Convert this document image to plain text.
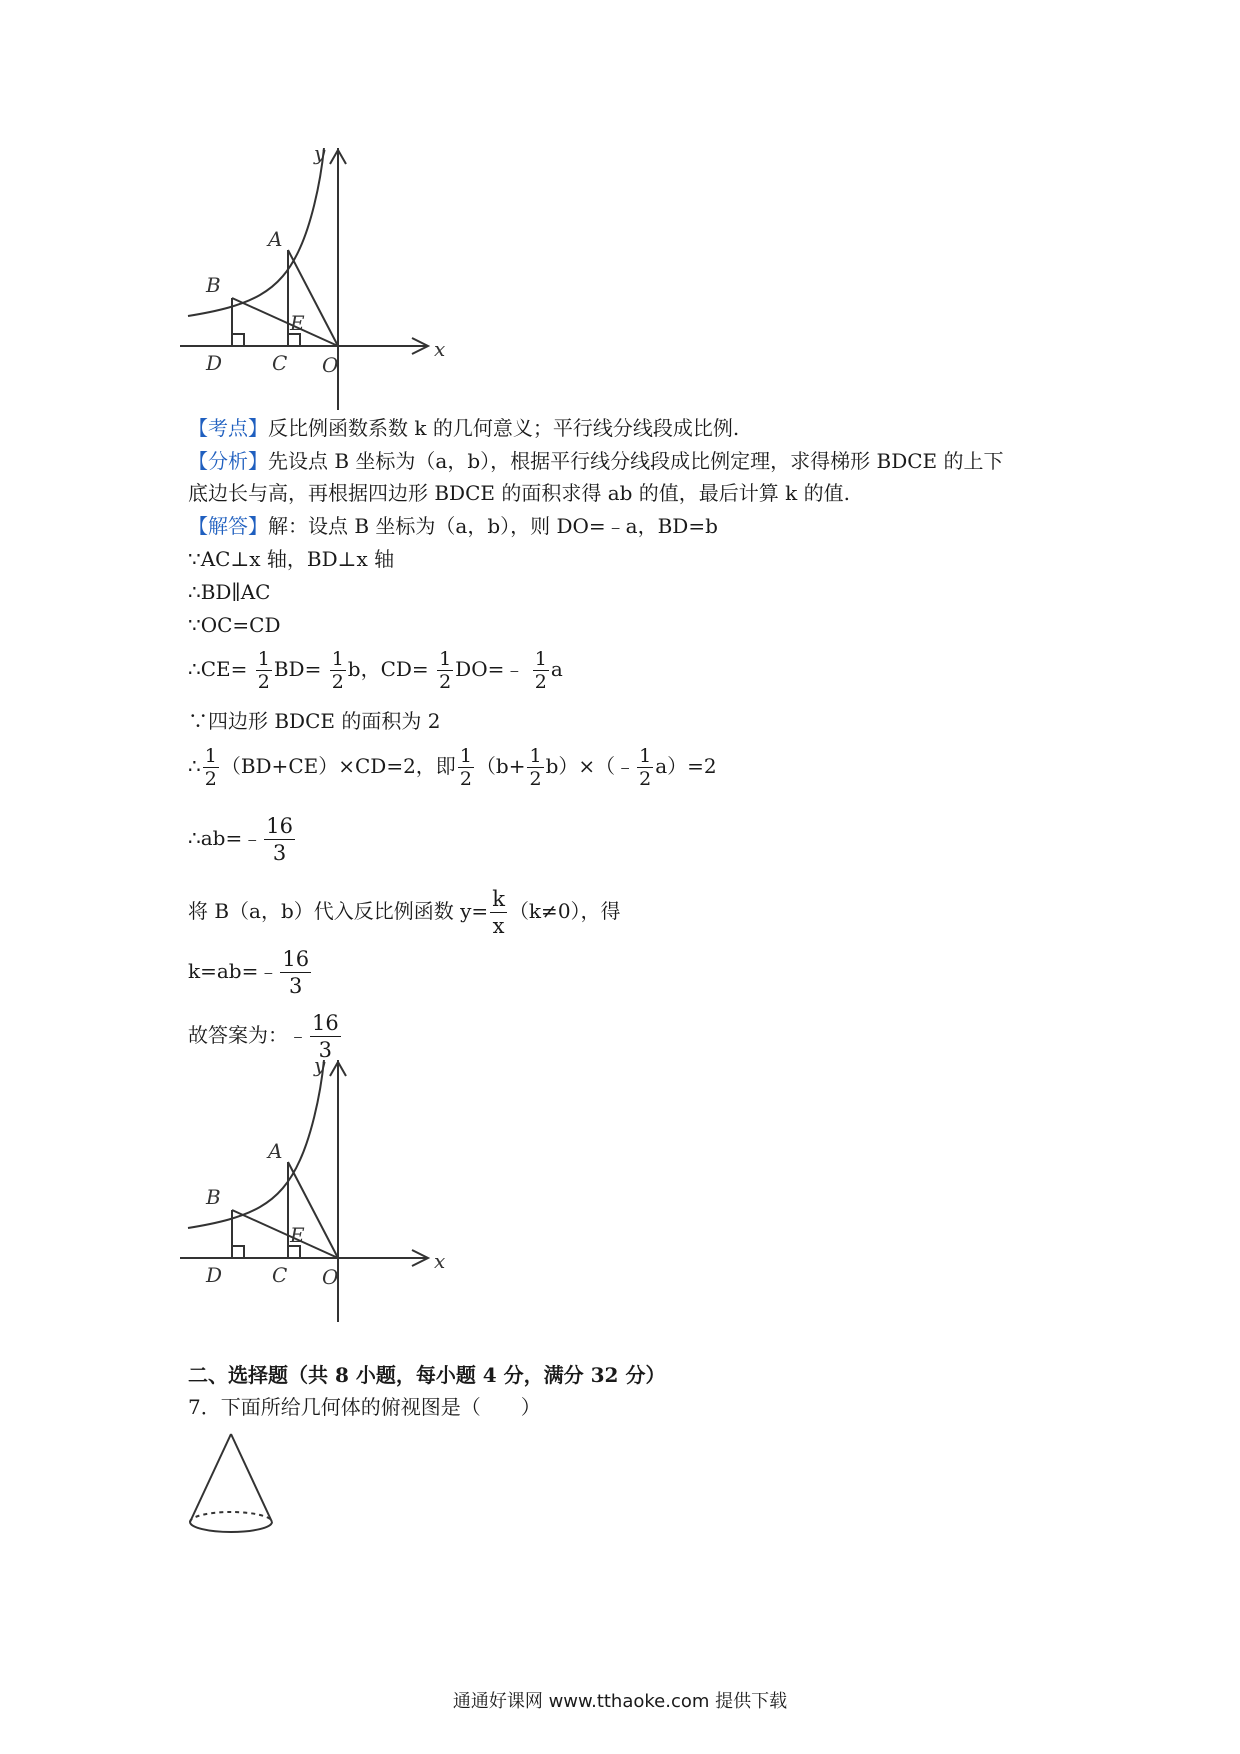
y
A
B
E
D C O
x
【考点】反比例函数系数 k 的几何意义；平行线分线段成比例.
【分析】先设点 B 坐标为（a，b），根据平行线分线段成比例定理，求得梯形 BDCE 的上下
底边长与高，再根据四边形 BDCE 的面积求得 ab 的值，最后计算 k 的值.
【解答】解：设点 B 坐标为（a，b），则 DO=﹣a，BD=b
∵AC⊥x 轴，BD⊥x 轴
∴BD∥AC
∵OC=CD
∴CE= $\frac{1}{2} BD= \frac{1}{2}$ b，$CD= \frac{1}{2}$ DO=﹣ $\frac{1}{2}$ a
∵四边形 BDCE 的面积为 2
∴ $\frac{1}{2} (BD+CE)\times CD=2$，即 $\frac{1}{2} (b+ \frac{1}{2}$ b）×（﹣ $\frac{1}{2} a)=2$
∴ab=﹣ $\frac{16}{3}$
将 B（a，b）代入反比例函数 $y= \frac{k}{x} (k\ne 0)$，得
k=ab=﹣ $\frac{16}{3}$
故答案为：﹣ $\frac{16}{3}$
y
A
B
E
D C O
x
二、选择题（共 8 小题，每小题 4 分，满分 32 分）
7．下面所给几何体的俯视图是（　　）
通通好课网 www.tthaoke.com 提供下载
